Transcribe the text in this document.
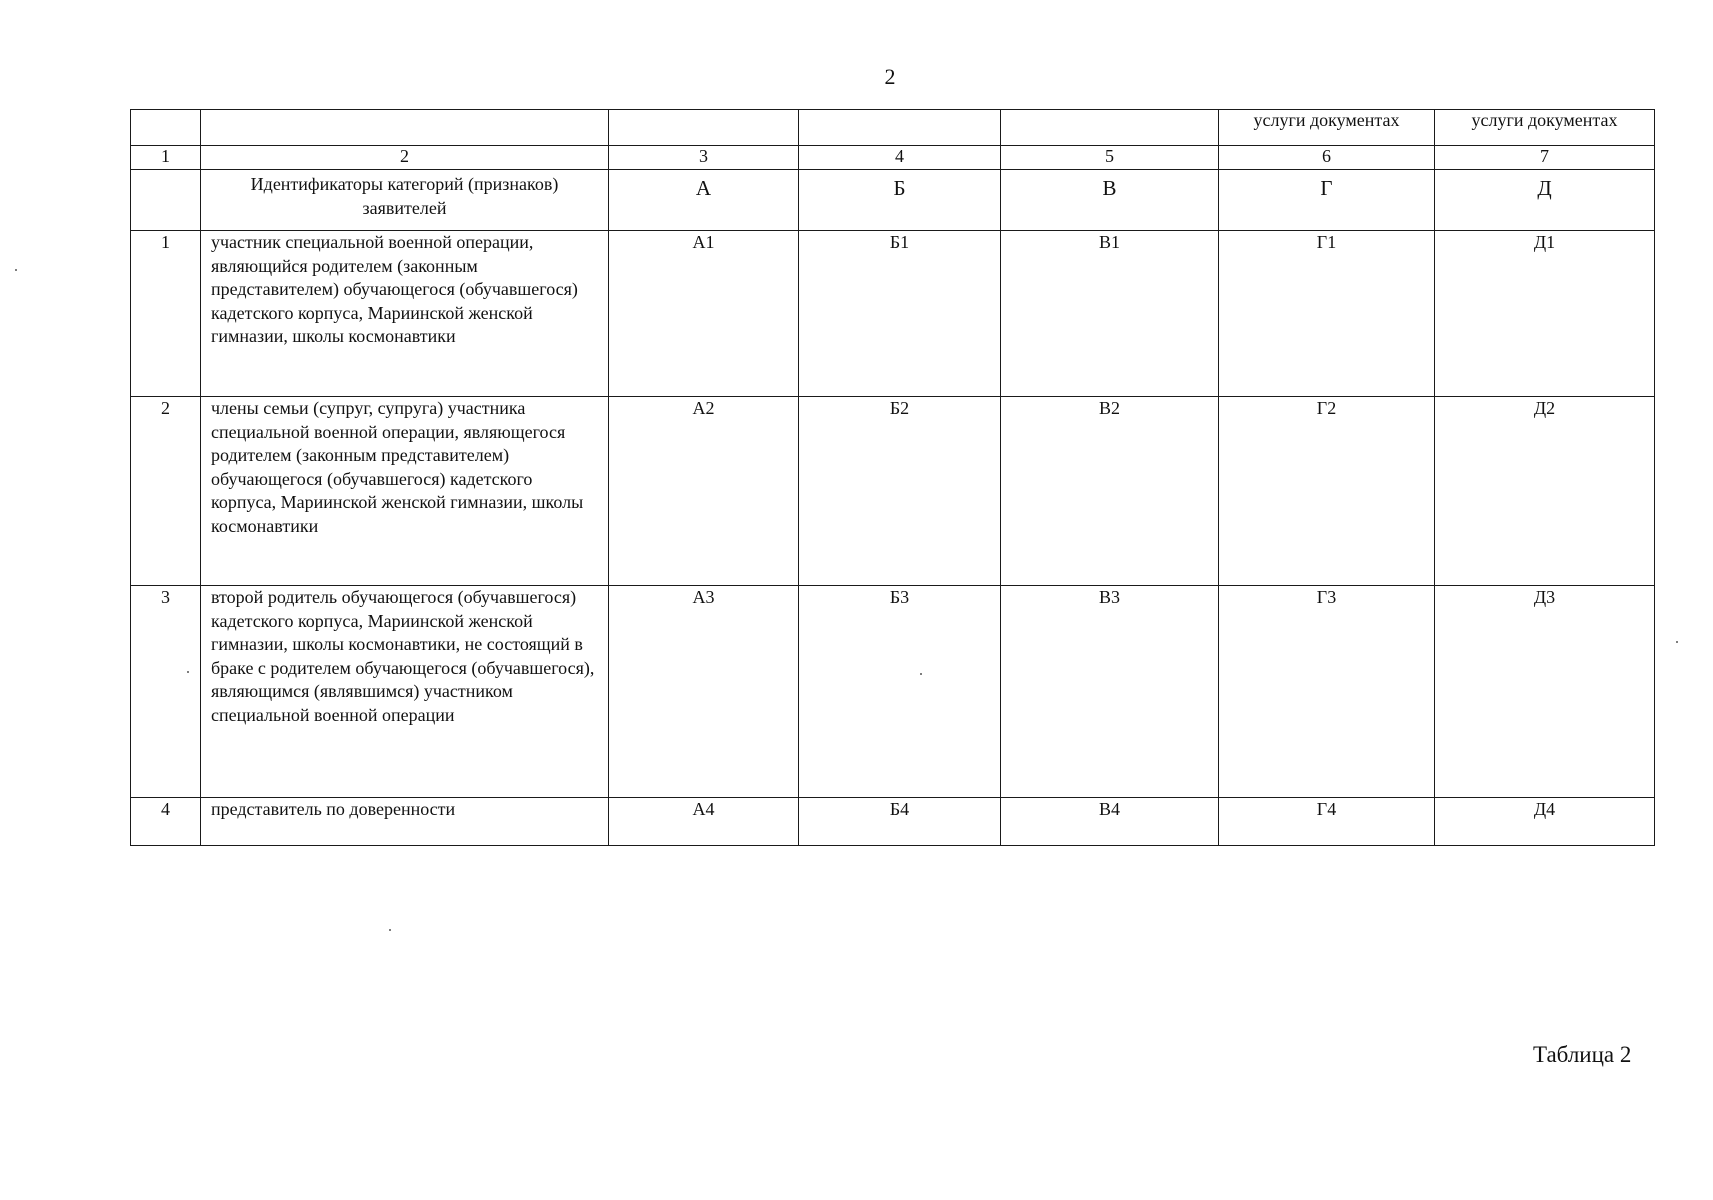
2
					услуги документах	услуги документах
1	2	3	4	5	6	7
	Идентификаторы категорий (признаков) заявителей	А	Б	В	Г	Д
1	участник специальной военной операции, являющийся родителем (законным представителем) обучающегося (обучавшегося) кадетского корпуса, Мариинской женской гимназии, школы космонавтики	А1	Б1	В1	Г1	Д1
2	члены семьи (супруг, супруга) участника специальной военной операции, являющегося родителем (законным представителем) обучающегося (обучавшегося) кадетского корпуса, Мариинской женской гимназии, школы космонавтики	А2	Б2	В2	Г2	Д2
3	второй родитель обучающегося (обучавшегося) кадетского корпуса, Мариинской женской гимназии, школы космонавтики, не состоящий в браке с родителем обучающегося (обучавшегося), являющимся (являвшимся) участником специальной военной операции	А3	Б3	В3	Г3	Д3
4	представитель по доверенности	А4	Б4	В4	Г4	Д4
Таблица 2
